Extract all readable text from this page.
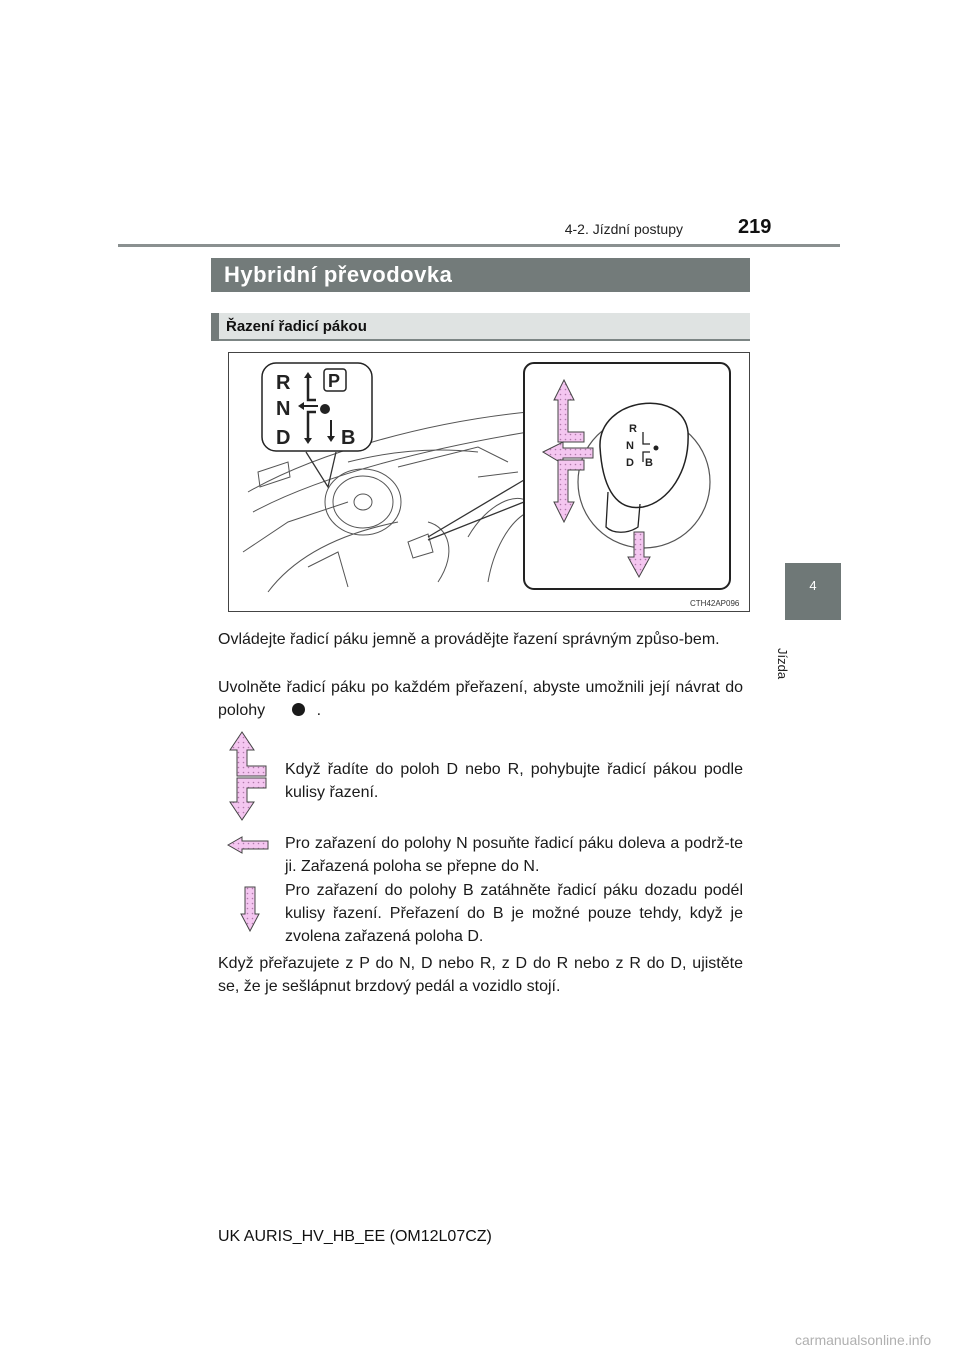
4-2. Jízdní postupy	219
4
Jízda
Hybridní převodovka
Řazení řadicí pákou
R P
N
D	B	R
N
D B
CTH42AP096
Ovládejte řadicí páku jemně a provádějte řazení správným způso-bem.
Uvolněte řadicí páku po každém přeřazení, abyste umožnili její návrat do polohy	.
Když řadíte do poloh D nebo R, pohybujte řadicí pákou podle kulisy řazení.
Pro zařazení do polohy N posuňte řadicí páku doleva a podrž-te ji. Zařazená poloha se přepne do N.
Pro zařazení do polohy B zatáhněte řadicí páku dozadu podél kulisy řazení. Přeřazení do B je možné pouze tehdy, když je zvolena zařazená poloha D.
Když přeřazujete z P do N, D nebo R, z D do R nebo z R do D, ujistěte se, že je sešlápnut brzdový pedál a vozidlo stojí.
UK AURIS_HV_HB_EE (OM12L07CZ)
carmanualsonline.info
